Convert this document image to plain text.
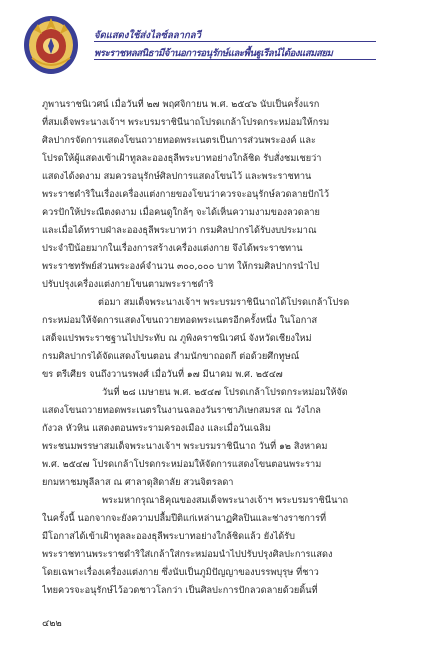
จัดแสดงใช้ส่งไลซ์ลลากลวี
พระราชหลสนิธามีจ้านอการอนุรักษ์และพื้นฐูเรีลน์ได้องแสมสยม
ภูพานราชนิเวศน์ เมื่อวันที่ ๒๗ พฤศจิกายน พ.ศ. ๒๕๔๖ นับเป็นครั้งแรก
ที่สมเด็จพระนางเจ้าฯ พระบรมราชินีนาถโปรดเกล้าโปรดกระหม่อมให้กรม
ศิลปากรจัดการแสดงโขนถวายทอดพระเนตรเป็นการส่วนพระองค์ และ
โปรดให้ผู้แสดงเข้าเฝ้าทูลละอองธุลีพระบาทอย่างใกล้ชิด รับสั่งชมเชยว่า
แสดงได้งดงาม สมควรอนุรักษ์ศิลปการแสดงโขนไว้ และพระราชทาน
พระราชดำริในเรื่องเครื่องแต่งกายของโขนว่าควรจะอนุรักษ์ลวดลายปักไว้
ควรปักให้ประณีตงดงาม เมื่อคนดูใกล้ๆ จะได้เห็นความงามของลวดลาย
และเมื่อได้ทราบฝ่าละอองธุลีพระบาทว่า กรมศิลปากรได้รับงบประมาณ
ประจำปีน้อยมากในเรื่องการสร้างเครื่องแต่งกาย จึงได้พระราชทาน
พระราชทรัพย์ส่วนพระองค์จำนวน ๓๐๐,๐๐๐ บาท ให้กรมศิลปากรนำไป
ปรับปรุงเครื่องแต่งกายโขนตามพระราชดำริ
ต่อมา สมเด็จพระนางเจ้าฯ พระบรมราชินีนาถได้โปรดเกล้าโปรด
กระหม่อมให้จัดการแสดงโขนถวายทอดพระเนตรอีกครั้งหนึ่ง ในโอกาส
เสด็จแปรพระราชฐานไปประทับ ณ ภูพิงคราชนิเวศน์ จังหวัดเชียงใหม่
กรมศิลปากรได้จัดแสดงโขนตอน สำมนักขาถอดกี ต่อด้วยศึกทูษณ์
ขร ตรีเศียร จนถึงวานรพงศ์ เมื่อวันที่ ๑๗ มีนาคม พ.ศ. ๒๕๔๗
วันที่ ๒๘ เมษายน พ.ศ. ๒๕๔๗ โปรดเกล้าโปรดกระหม่อมให้จัด
แสดงโขนถวายทอดพระเนตรในงานฉลองวันราชาภิเษกสมรส ณ วังไกล
กังวล หัวหิน แสดงตอนพระรามครองเมือง และเมื่อวันเฉลิม
พระชนมพรรษาสมเด็จพระนางเจ้าฯ พระบรมราชินีนาถ วันที่ ๑๒ สิงหาคม
พ.ศ. ๒๕๔๗ โปรดเกล้าโปรดกระหม่อมให้จัดการแสดงโขนตอนพระราม
ยกมหาชมพูลีลาส ณ ศาลาดุสิดาลัย สวนจิตรลดา
พระมหากรุณาธิคุณของสมเด็จพระนางเจ้าฯ พระบรมราชินีนาถ
ในครั้งนี้ นอกจากจะยังความปลื้มปีติแก่เหล่านาฏศิลปินและช่างราชการที่
มีโอกาสได้เข้าเฝ้าทูลละอองธุลีพระบาทอย่างใกล้ชิดแล้ว ยังได้รับ
พระราชทานพระราชดำริใส่เกล้าใส่กระหม่อมนำไปปรับปรุงศิลปะการแสดง
โดยเฉพาะเรื่องเครื่องแต่งกาย ซึ่งนับเป็นภูมิปัญญาของบรรพบุรุษ ที่ชาว
ไทยควรจะอนุรักษ์ไว้อวดชาวโลกว่า เป็นศิลปะการปักลวดลายด้วยดิ้นที่
๔๒๒
